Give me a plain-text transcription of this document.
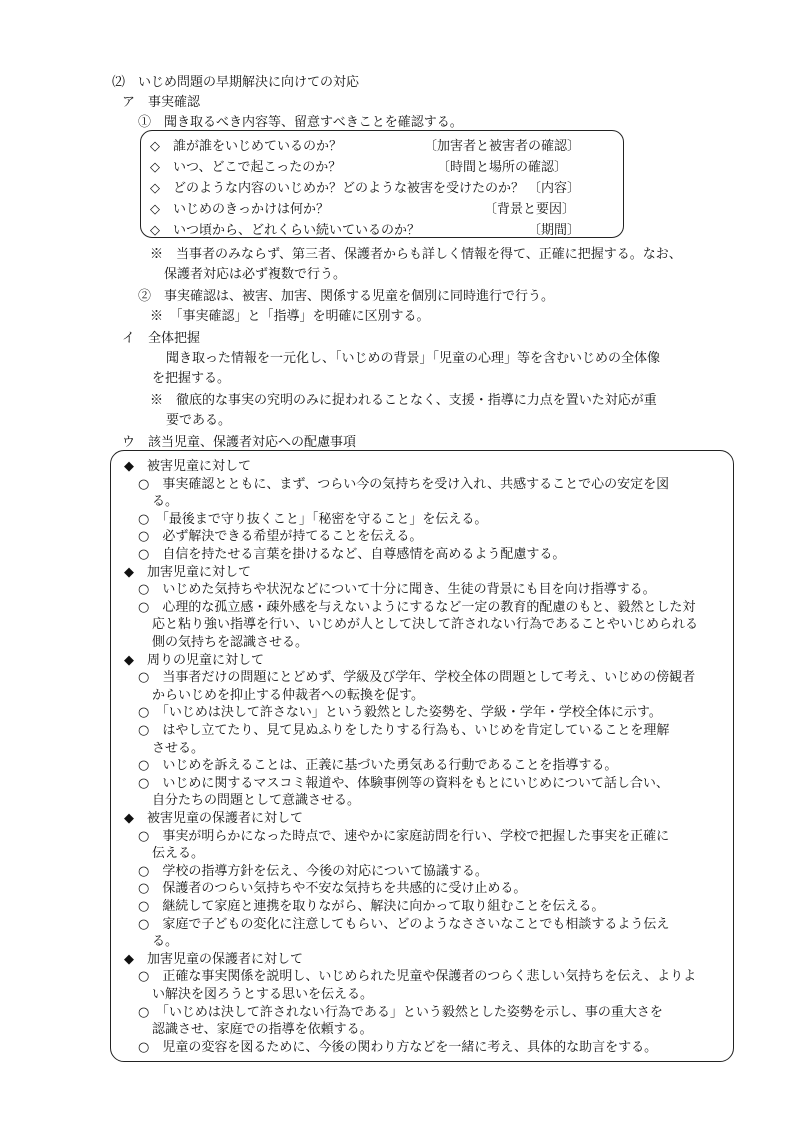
⑵　いじめ問題の早期解決に向けての対応
ア　事実確認
①　聞き取るべき内容等、留意すべきことを確認する。
◇　誰が誰をいじめているのか？	〔加害者と被害者の確認〕
◇　いつ、どこで起こったのか？	〔時間と場所の確認〕
◇　どのような内容のいじめか？どのような被害を受けたのか？ 〔内容〕
◇　いじめのきっかけは何か？	〔背景と要因〕
◇　いつ頃から、どれくらい続いているのか？	〔期間〕
※　当事者のみならず、第三者、保護者からも詳しく情報を得て、正確に把握する。なお、
保護者対応は必ず複数で行う。
②　事実確認は、被害、加害、関係する児童を個別に同時進行で行う。
※　「事実確認」と「指導」を明確に区別する。
イ　全体把握
聞き取った情報を一元化し、「いじめの背景」「児童の心理」等を含むいじめの全体像
を把握する。
※　徹底的な事実の究明のみに捉われることなく、支援・指導に力点を置いた対応が重
要である。
ウ　該当児童、保護者対応への配慮事項
◆　被害児童に対して
○　事実確認とともに、まず、つらい今の気持ちを受け入れ、共感することで心の安定を図
る。
○　「最後まで守り抜くこと」「秘密を守ること」を伝える。
○　必ず解決できる希望が持てることを伝える。
○　自信を持たせる言葉を掛けるなど、自尊感情を高めるよう配慮する。
◆　加害児童に対して
○　いじめた気持ちや状況などについて十分に聞き、生徒の背景にも目を向け指導する。
○　心理的な孤立感・疎外感を与えないようにするなど一定の教育的配慮のもと、毅然とした対
応と粘り強い指導を行い、いじめが人として決して許されない行為であることやいじめられる
側の気持ちを認識させる。
◆　周りの児童に対して
○　当事者だけの問題にとどめず、学級及び学年、学校全体の問題として考え、いじめの傍観者
からいじめを抑止する仲裁者への転換を促す。
○　「いじめは決して許さない」という毅然とした姿勢を、学級・学年・学校全体に示す。
○　はやし立てたり、見て見ぬふりをしたりする行為も、いじめを肯定していることを理解
させる。
○　いじめを訴えることは、正義に基づいた勇気ある行動であることを指導する。
○　いじめに関するマスコミ報道や、体験事例等の資料をもとにいじめについて話し合い、
自分たちの問題として意識させる。
◆　被害児童の保護者に対して
○　事実が明らかになった時点で、速やかに家庭訪問を行い、学校で把握した事実を正確に
伝える。
○　学校の指導方針を伝え、今後の対応について協議する。
○　保護者のつらい気持ちや不安な気持ちを共感的に受け止める。
○　継続して家庭と連携を取りながら、解決に向かって取り組むことを伝える。
○　家庭で子どもの変化に注意してもらい、どのようなささいなことでも相談するよう伝え
る。
◆　加害児童の保護者に対して
○　正確な事実関係を説明し、いじめられた児童や保護者のつらく悲しい気持ちを伝え、よりよ
い解決を図ろうとする思いを伝える。
○　「いじめは決して許されない行為である」という毅然とした姿勢を示し、事の重大さを
認識させ、家庭での指導を依頼する。
○　児童の変容を図るために、今後の関わり方などを一緒に考え、具体的な助言をする。
